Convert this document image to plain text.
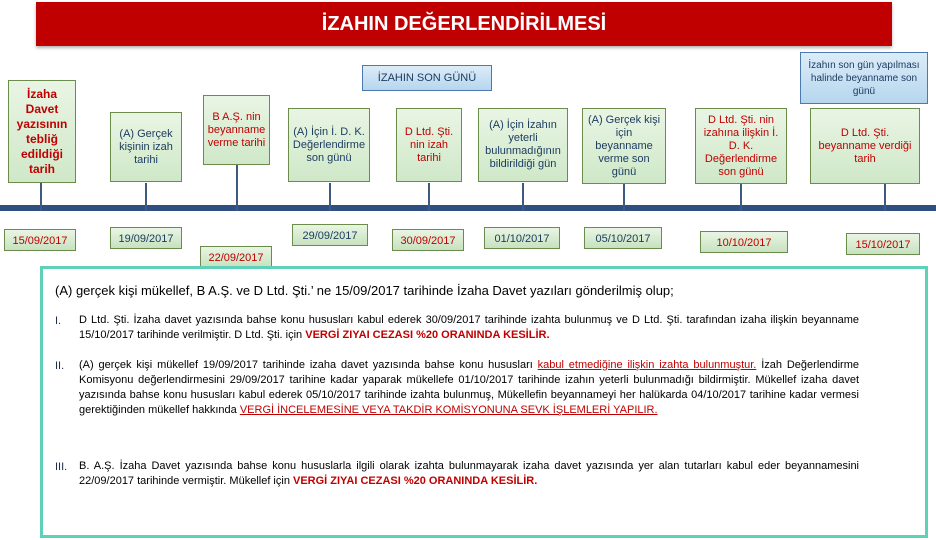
İZAHIN DEĞERLENDİRİLMESİ
İZAHIN SON GÜNÜ
İzahın son gün yapılması halinde beyanname son günü
İzaha Davet yazısının tebliğ edildiği tarih
(A) Gerçek kişinin izah tarihi
B A.Ş. nin beyanname verme tarihi
(A) İçin İ. D. K. Değerlendirme son günü
D Ltd. Şti. nin izah tarihi
(A) İçin İzahın yeterli bulunmadığının bildirildiği gün
(A) Gerçek kişi için beyanname verme son günü
D Ltd. Şti. nin izahına ilişkin İ. D. K. Değerlendirme son günü
D Ltd. Şti. beyanname verdiği tarih
15/09/2017	19/09/2017
22/09/2017
29/09/2017	30/09/2017	01/10/2017	05/10/2017	10/10/2017	15/10/2017
(A) gerçek kişi mükellef, B A.Ş. ve D Ltd. Şti.’ ne 15/09/2017 tarihinde İzaha Davet yazıları gönderilmiş olup;
I. D Ltd. Şti. İzaha davet yazısında bahse konu hususları kabul ederek 30/09/2017 tarihinde izahta bulunmuş ve D Ltd. Şti. tarafından izaha ilişkin beyanname 15/10/2017 tarihinde verilmiştir. D Ltd. Şti. için VERGİ ZIYAI CEZASI %20 ORANINDA KESİLİR.
II. (A) gerçek kişi mükellef 19/09/2017 tarihinde izaha davet yazısında bahse konu hususları kabul etmediğine ilişkin izahta bulunmuştur. İzah Değerlendirme Komisyonu değerlendirmesini 29/09/2017 tarihine kadar yaparak mükellefe 01/10/2017 tarihinde izahın yeterli bulunmadığı bildirmiştir. Mükellef izaha davet yazısında bahse konu hususları kabul ederek 05/10/2017 tarihinde izahta bulunmuş, Mükellefin beyannameyi her halükarda 04/10/2017 tarihine kadar vermesi gerektiğinden mükellef hakkında VERGİ İNCELEMESİNE VEYA TAKDİR KOMİSYONUNA SEVK İŞLEMLERİ YAPILIR.
III. B. A.Ş. İzaha Davet yazısında bahse konu hususlarla ilgili olarak izahta bulunmayarak izaha davet yazısında yer alan tutarları kabul eder beyannamesini 22/09/2017 tarihinde vermiştir. Mükellef için VERGİ ZIYAI CEZASI %20 ORANINDA KESİLİR.
